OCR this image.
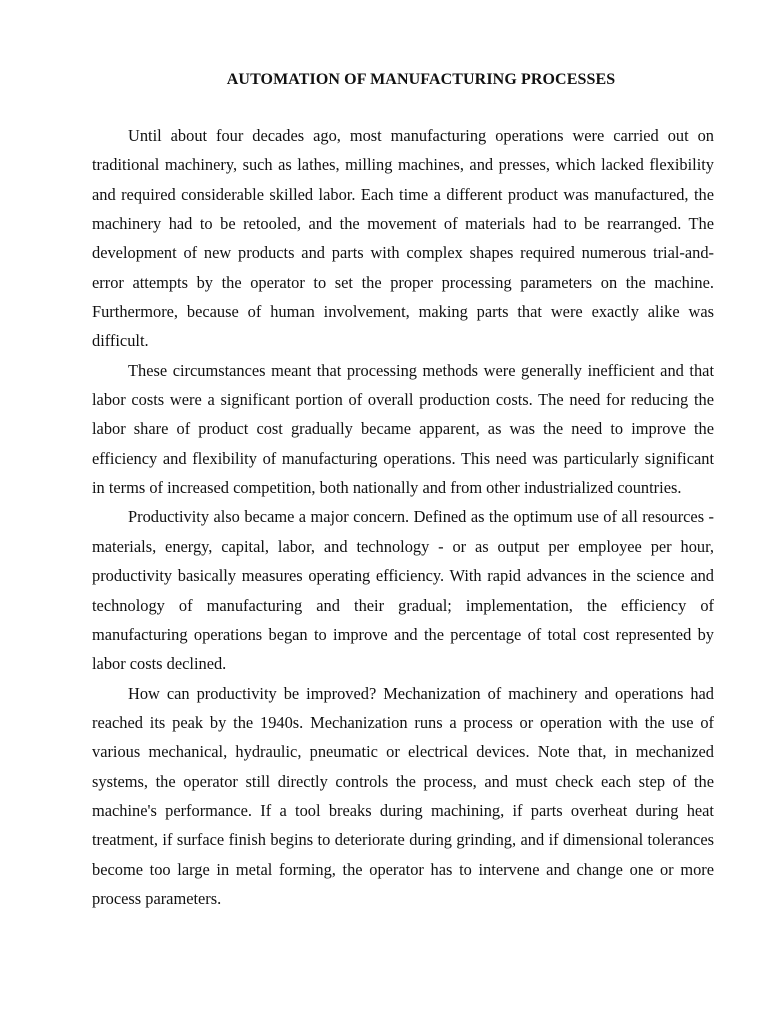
AUTOMATION OF MANUFACTURING PROCESSES

Until about four decades ago, most manufacturing operations were carried out on traditional machinery, such as lathes, milling machines, and presses, which lacked flexibility and required considerable skilled labor. Each time a different product was manufactured, the machinery had to be retooled, and the movement of materials had to be rearranged. The development of new products and parts with complex shapes required numerous trial-and-error attempts by the operator to set the proper processing parameters on the machine. Furthermore, because of human involvement, making parts that were exactly alike was difficult.

These circumstances meant that processing methods were generally inefficient and that labor costs were a significant portion of overall production costs. The need for reducing the labor share of product cost gradually became apparent, as was the need to improve the efficiency and flexibility of manufacturing operations. This need was particularly significant in terms of increased competition, both nationally and from other industrialized countries.

Productivity also became a major concern. Defined as the optimum use of all resources - materials, energy, capital, labor, and technology - or as output per employee per hour, productivity basically measures operating efficiency. With rapid advances in the science and technology of manufacturing and their gradual; implementation, the efficiency of manufacturing operations began to improve and the percentage of total cost represented by labor costs declined.

How can productivity be improved? Mechanization of machinery and operations had reached its peak by the 1940s. Mechanization runs a process or operation with the use of various mechanical, hydraulic, pneumatic or electrical devices. Note that, in mechanized systems, the operator still directly controls the process, and must check each step of the machine's performance. If a tool breaks during machining, if parts overheat during heat treatment, if surface finish begins to deteriorate during grinding, and if dimensional tolerances become too large in metal forming, the operator has to intervene and change one or more process parameters.
